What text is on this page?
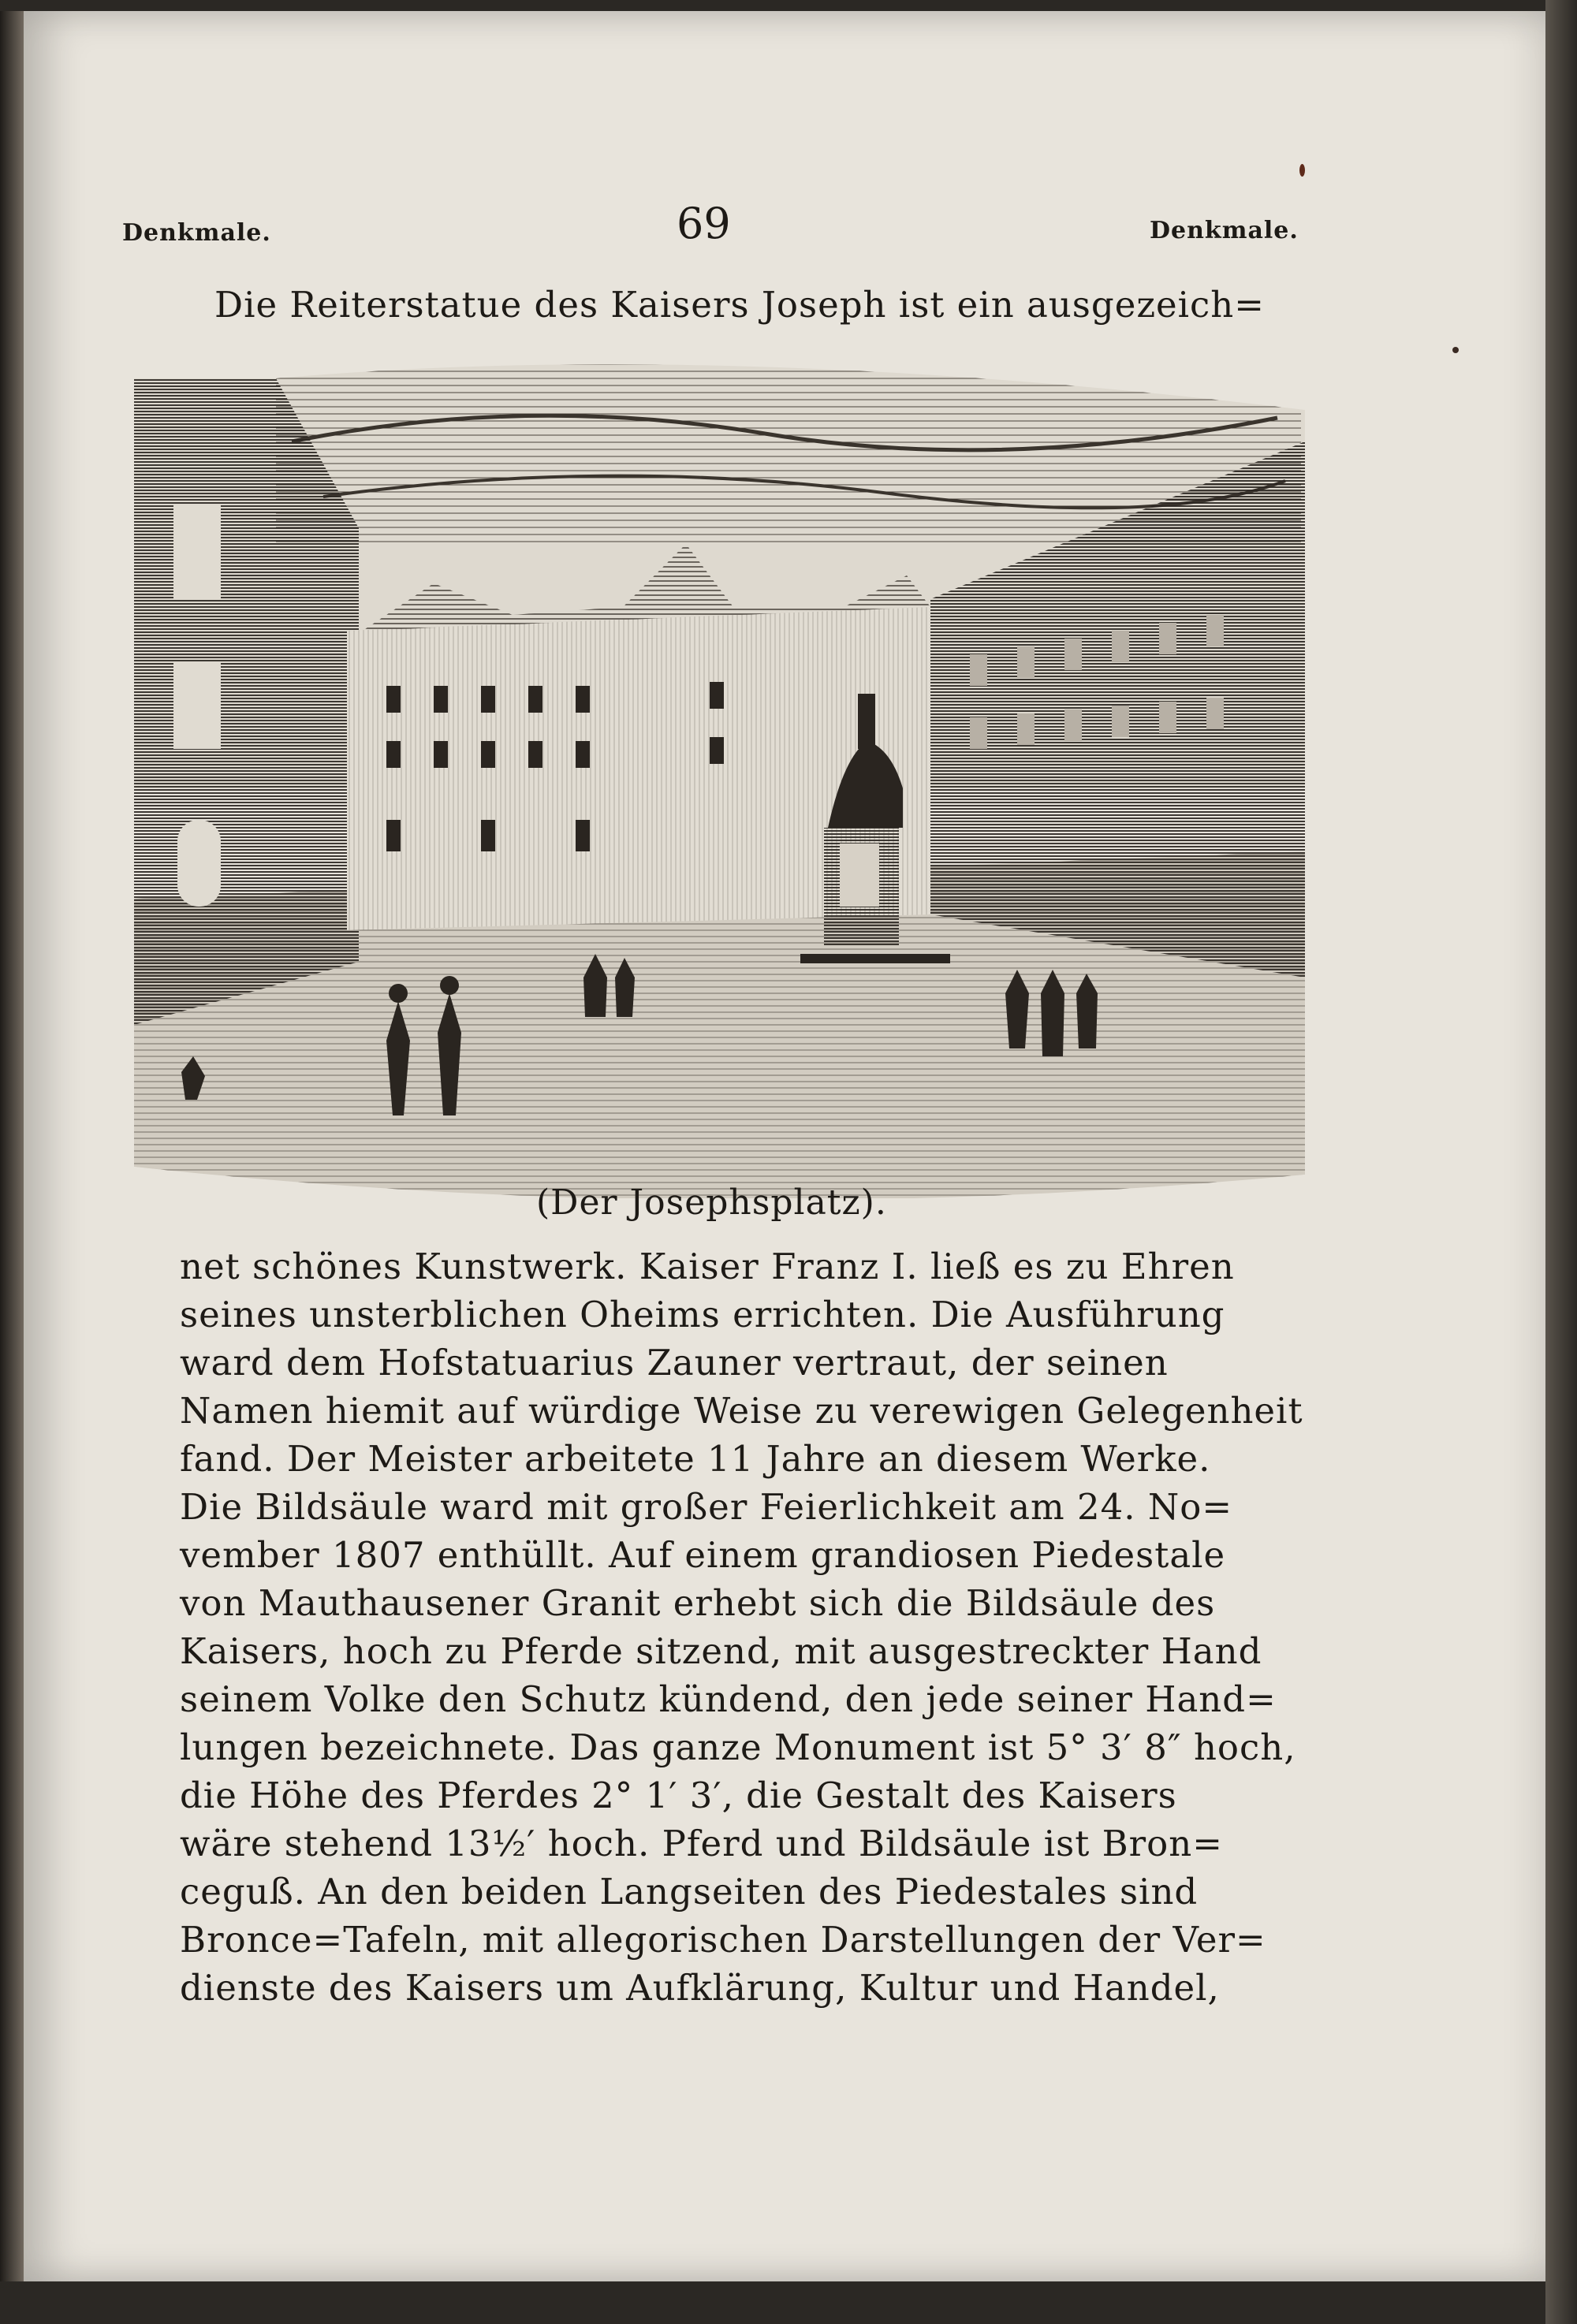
Denkmale.	69	Denkmale.
Die Reiterstatue des Kaisers Joseph ist ein ausgezeich=
(Der Josephsplatz).
net schönes Kunstwerk. Kaiser Franz I. ließ es zu Ehren
seines unsterblichen Oheims errichten. Die Ausführung
ward dem Hofstatuarius Zauner vertraut, der seinen
Namen hiemit auf würdige Weise zu verewigen Gelegenheit
fand. Der Meister arbeitete 11 Jahre an diesem Werke.
Die Bildsäule ward mit großer Feierlichkeit am 24. No=
vember 1807 enthüllt. Auf einem grandiosen Piedestale
von Mauthausener Granit erhebt sich die Bildsäule des
Kaisers, hoch zu Pferde sitzend, mit ausgestreckter Hand
seinem Volke den Schutz kündend, den jede seiner Hand=
lungen bezeichnete. Das ganze Monument ist 5° 3′ 8″ hoch,
die Höhe des Pferdes 2° 1′ 3′, die Gestalt des Kaisers
wäre stehend 13½′ hoch. Pferd und Bildsäule ist Bron=
ceguß. An den beiden Langseiten des Piedestales sind
Bronce=Tafeln, mit allegorischen Darstellungen der Ver=
dienste des Kaisers um Aufklärung, Kultur und Handel,
